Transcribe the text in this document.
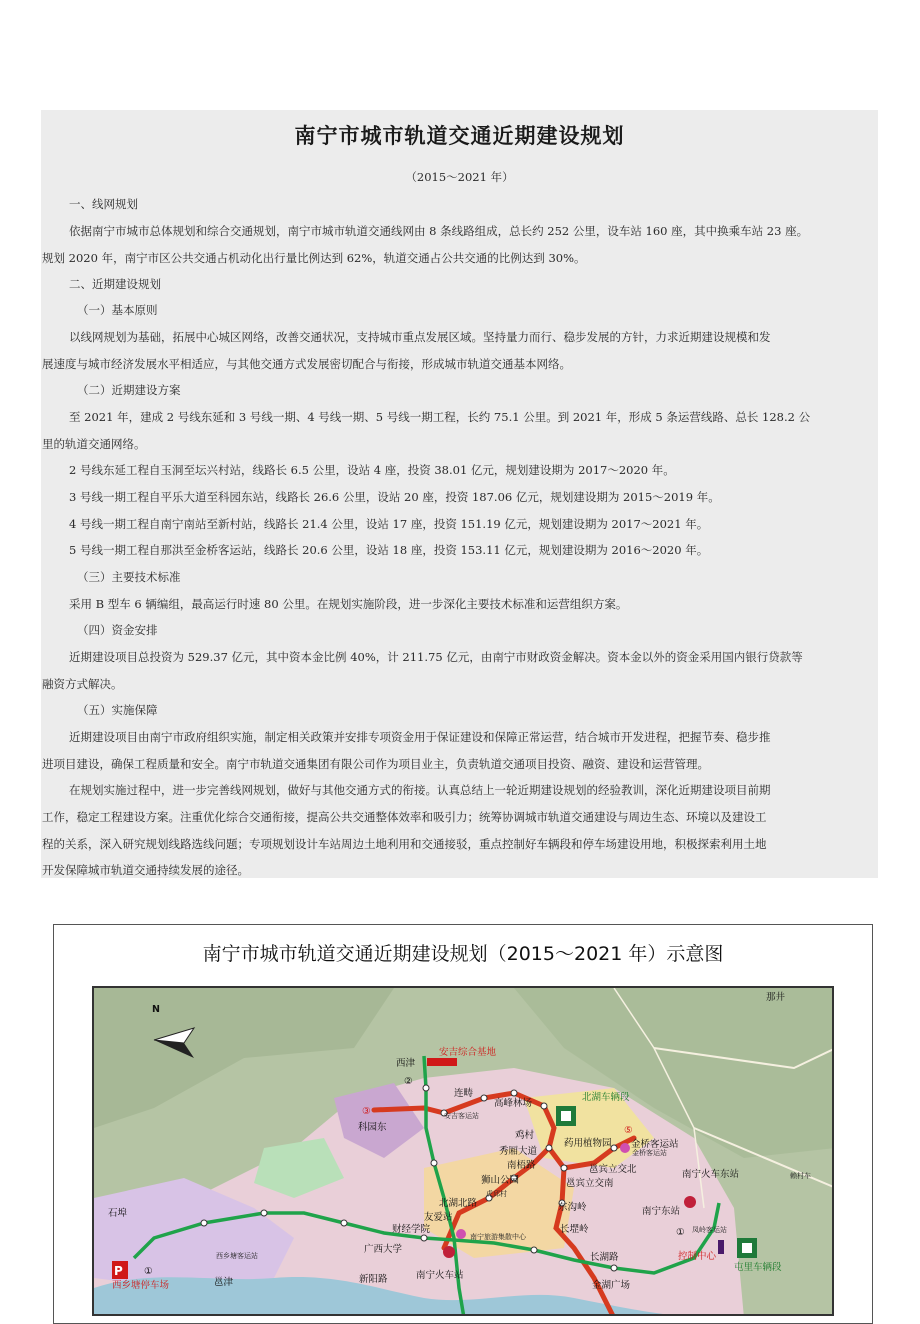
南宁市城市轨道交通近期建设规划
（2015～2021 年）
一、线网规划
依据南宁市城市总体规划和综合交通规划，南宁市城市轨道交通线网由 8 条线路组成，总长约 252 公里，设车站 160 座，其中换乘车站 23 座。
规划 2020 年，南宁市区公共交通占机动化出行量比例达到 62%，轨道交通占公共交通的比例达到 30%。
二、近期建设规划
（一）基本原则
以线网规划为基础，拓展中心城区网络，改善交通状况，支持城市重点发展区域。坚持量力而行、稳步发展的方针，力求近期建设规模和发
展速度与城市经济发展水平相适应，与其他交通方式发展密切配合与衔接，形成城市轨道交通基本网络。
（二）近期建设方案
至 2021 年，建成 2 号线东延和 3 号线一期、4 号线一期、5 号线一期工程，长约 75.1 公里。到 2021 年，形成 5 条运营线路、总长 128.2 公
里的轨道交通网络。
2 号线东延工程自玉洞至坛兴村站，线路长 6.5 公里，设站 4 座，投资 38.01 亿元，规划建设期为 2017～2020 年。
3 号线一期工程自平乐大道至科园东站，线路长 26.6 公里，设站 20 座，投资 187.06 亿元，规划建设期为 2015～2019 年。
4 号线一期工程自南宁南站至新村站，线路长 21.4 公里，设站 17 座，投资 151.19 亿元，规划建设期为 2017～2021 年。
5 号线一期工程自那洪至金桥客运站，线路长 20.6 公里，设站 18 座，投资 153.11 亿元，规划建设期为 2016～2020 年。
（三）主要技术标准
采用 B 型车 6 辆编组，最高运行时速 80 公里。在规划实施阶段，进一步深化主要技术标准和运营组织方案。
（四）资金安排
近期建设项目总投资为 529.37 亿元，其中资本金比例 40%，计 211.75 亿元，由南宁市财政资金解决。资本金以外的资金采用国内银行贷款等
融资方式解决。
（五）实施保障
近期建设项目由南宁市政府组织实施，制定相关政策并安排专项资金用于保证建设和保障正常运营，结合城市开发进程，把握节奏、稳步推
进项目建设，确保工程质量和安全。南宁市轨道交通集团有限公司作为项目业主，负责轨道交通项目投资、融资、建设和运营管理。
在规划实施过程中，进一步完善线网规划，做好与其他交通方式的衔接。认真总结上一轮近期建设规划的经验教训，深化近期建设项目前期
工作，稳定工程建设方案。注重优化综合交通衔接，提高公共交通整体效率和吸引力；统筹协调城市轨道交通建设与周边生态、环境以及建设工
程的关系，深入研究规划线路选线问题；专项规划设计车站周边土地利用和交通接驳，重点控制好车辆段和停车场建设用地，积极探索利用土地
开发保障城市轨道交通持续发展的途径。
南宁市城市轨道交通近期建设规划（2015～2021 年）示意图
N
那井
安吉综合基地
西津
②
连畴
高峰林场
北湖车辆段
③
科园东
安吉客运站
鸡村
药用植物园
⑤
金桥客运站
金桥客运站
秀厢大道
南梧路	邕宾立交北
邕宾立交南
南宁火车东站
狮山公园
虎邱村
东沟岭
北湖北路
南宁东站
友爱站
长堽岭	① 凤岭客运站
财经学院
石埠
广西大学
南宁旅游集散中心
西乡塘客运站	长湖路	控制中心
屯里车辆段
赖村车
P ①
西乡塘停车场	邕津	新阳路	南宁火车站
金湖广场
